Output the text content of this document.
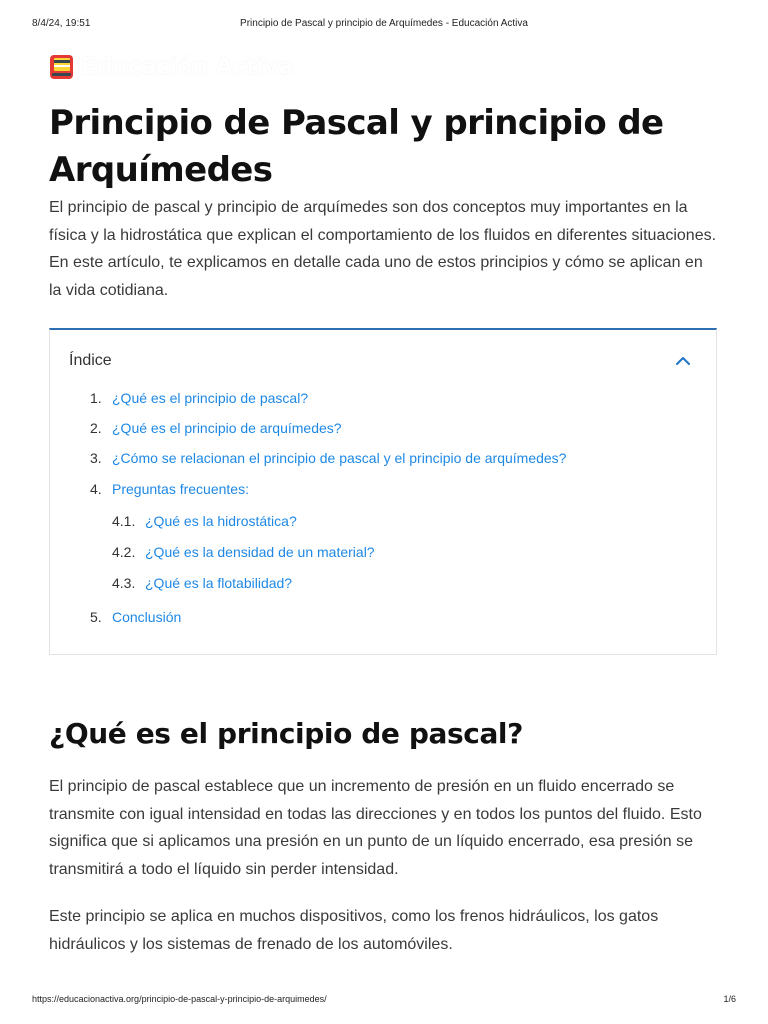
8/4/24, 19:51	Principio de Pascal y principio de Arquímedes - Educación Activa
Educación Activa
Principio de Pascal y principio de Arquímedes

El principio de pascal y principio de arquímedes son dos conceptos muy importantes en la física y la hidrostática que explican el comportamiento de los fluidos en diferentes situaciones. En este artículo, te explicamos en detalle cada uno de estos principios y cómo se aplican en la vida cotidiana.

Índice
1. ¿Qué es el principio de pascal?
2. ¿Qué es el principio de arquímedes?
3. ¿Cómo se relacionan el principio de pascal y el principio de arquímedes?
4. Preguntas frecuentes:
4.1. ¿Qué es la hidrostática?
4.2. ¿Qué es la densidad de un material?
4.3. ¿Qué es la flotabilidad?
5. Conclusión
¿Qué es el principio de pascal?

El principio de pascal establece que un incremento de presión en un fluido encerrado se transmite con igual intensidad en todas las direcciones y en todos los puntos del fluido. Esto significa que si aplicamos una presión en un punto de un líquido encerrado, esa presión se transmitirá a todo el líquido sin perder intensidad.

Este principio se aplica en muchos dispositivos, como los frenos hidráulicos, los gatos hidráulicos y los sistemas de frenado de los automóviles.

https://educacionactiva.org/principio-de-pascal-y-principio-de-arquimedes/	1/6
